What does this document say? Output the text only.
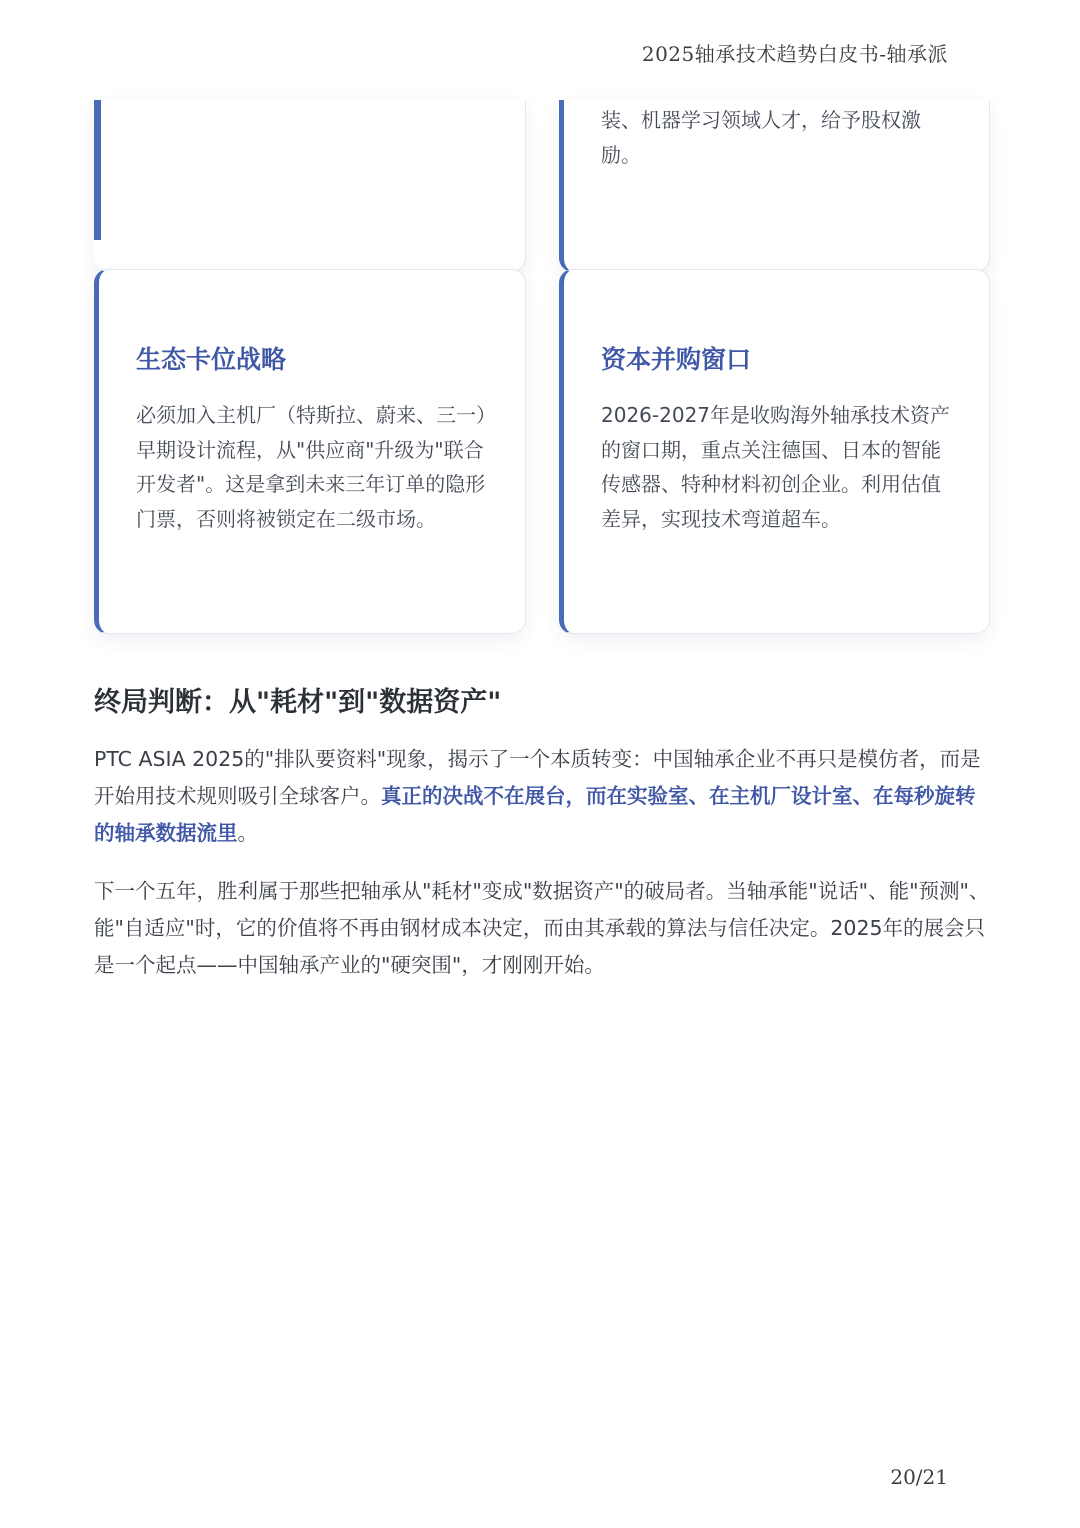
2025轴承技术趋势白皮书-轴承派

装、机器学习领域人才，给予股权激励。

生态卡位战略

必须加入主机厂（特斯拉、蔚来、三一）早期设计流程，从"供应商"升级为"联合开发者"。这是拿到未来三年订单的隐形门票，否则将被锁定在二级市场。

资本并购窗口

2026-2027年是收购海外轴承技术资产的窗口期，重点关注德国、日本的智能传感器、特种材料初创企业。利用估值差异，实现技术弯道超车。

终局判断：从"耗材"到"数据资产"

PTC ASIA 2025的"排队要资料"现象，揭示了一个本质转变：中国轴承企业不再只是模仿者，而是开始用技术规则吸引全球客户。真正的决战不在展台，而在实验室、在主机厂设计室、在每秒旋转的轴承数据流里。

下一个五年，胜利属于那些把轴承从"耗材"变成"数据资产"的破局者。当轴承能"说话"、能"预测"、能"自适应"时，它的价值将不再由钢材成本决定，而由其承载的算法与信任决定。2025年的展会只是一个起点——中国轴承产业的"硬突围"，才刚刚开始。

20/21
